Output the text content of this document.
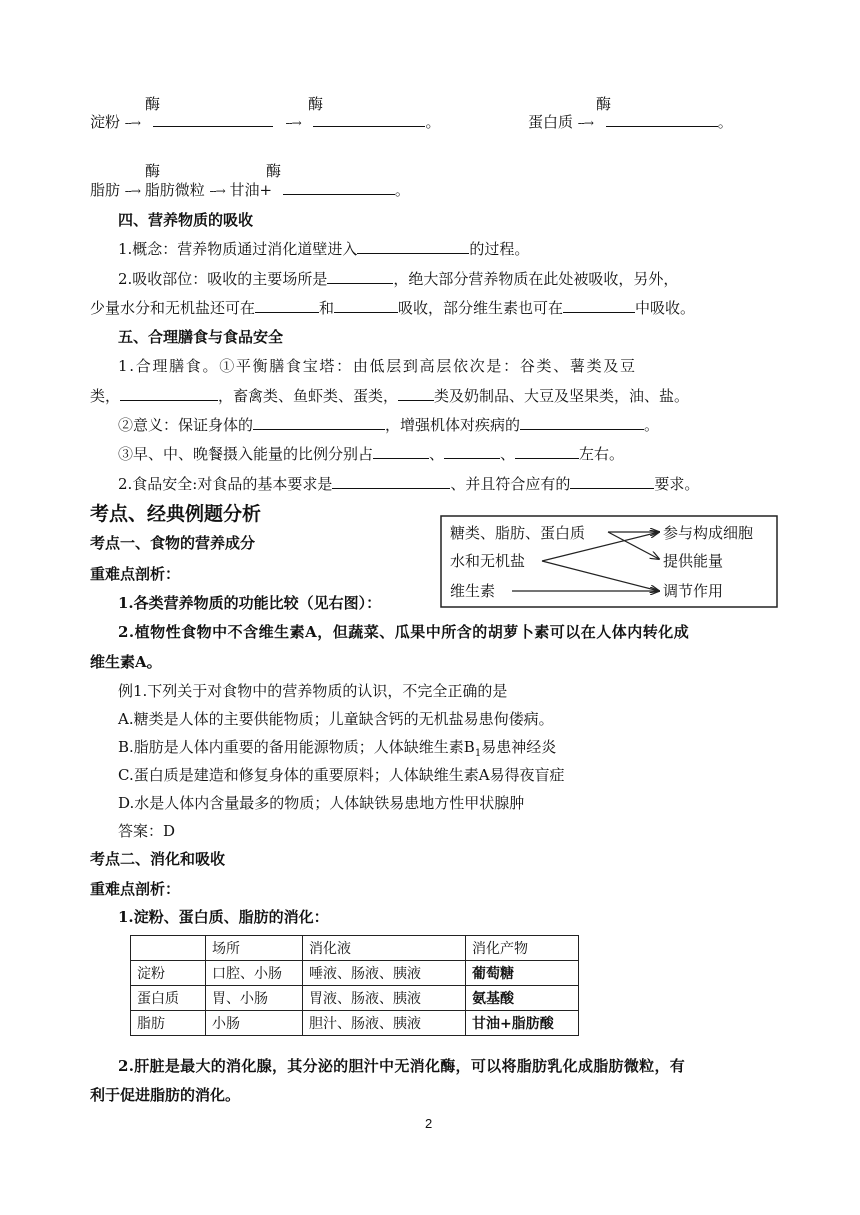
酶	酶	酶
淀粉 --→	--→	。	蛋白质 --→	。
酶	酶
脂肪 --→ 脂肪微粒 --→ 甘油+	。
四、营养物质的吸收
1.概念：营养物质通过消化道壁进入	的过程。
2.吸收部位：吸收的主要场所是	，绝大部分营养物质在此处被吸收，另外，
少量水分和无机盐还可在	和	吸收，部分维生素也可在	中吸收。
五、合理膳食与食品安全
1.合理膳食。①平衡膳食宝塔：由低层到高层依次是：谷类、薯类及豆
类，	，畜禽类、鱼虾类、蛋类， 类及奶制品、大豆及坚果类，油、盐。
②意义：保证身体的	，增强机体对疾病的	。
③早、中、晚餐摄入能量的比例分别占	、	、	左右。
2.食品安全:对食品的基本要求是	、并且符合应有的	要求。
考点、经典例题分析
考点一、食物的营养成分
重难点剖析：
1.各类营养物质的功能比较（见右图）：
糖类、脂肪、蛋白质
水和无机盐
维生素
参与构成细胞
提供能量
调节作用
2.植物性食物中不含维生素A，但蔬菜、瓜果中所含的胡萝卜素可以在人体内转化成
维生素A。
例1.下列关于对食物中的营养物质的认识，不完全正确的是
A.糖类是人体的主要供能物质；儿童缺含钙的无机盐易患佝偻病。
B.脂肪是人体内重要的备用能源物质；人体缺维生素$B_1$易患神经炎
C.蛋白质是建造和修复身体的重要原料；人体缺维生素A易得夜盲症
D.水是人体内含量最多的物质；人体缺铁易患地方性甲状腺肿
答案：D
考点二、消化和吸收
重难点剖析：
1.淀粉、蛋白质、脂肪的消化：
	场所	消化液	消化产物
淀粉	口腔、小肠	唾液、肠液、胰液	葡萄糖
蛋白质	胃、小肠	胃液、肠液、胰液	氨基酸
脂肪	小肠	胆汁、肠液、胰液	甘油+脂肪酸
2.肝脏是最大的消化腺，其分泌的胆汁中无消化酶，可以将脂肪乳化成脂肪微粒，有
利于促进脂肪的消化。
2
